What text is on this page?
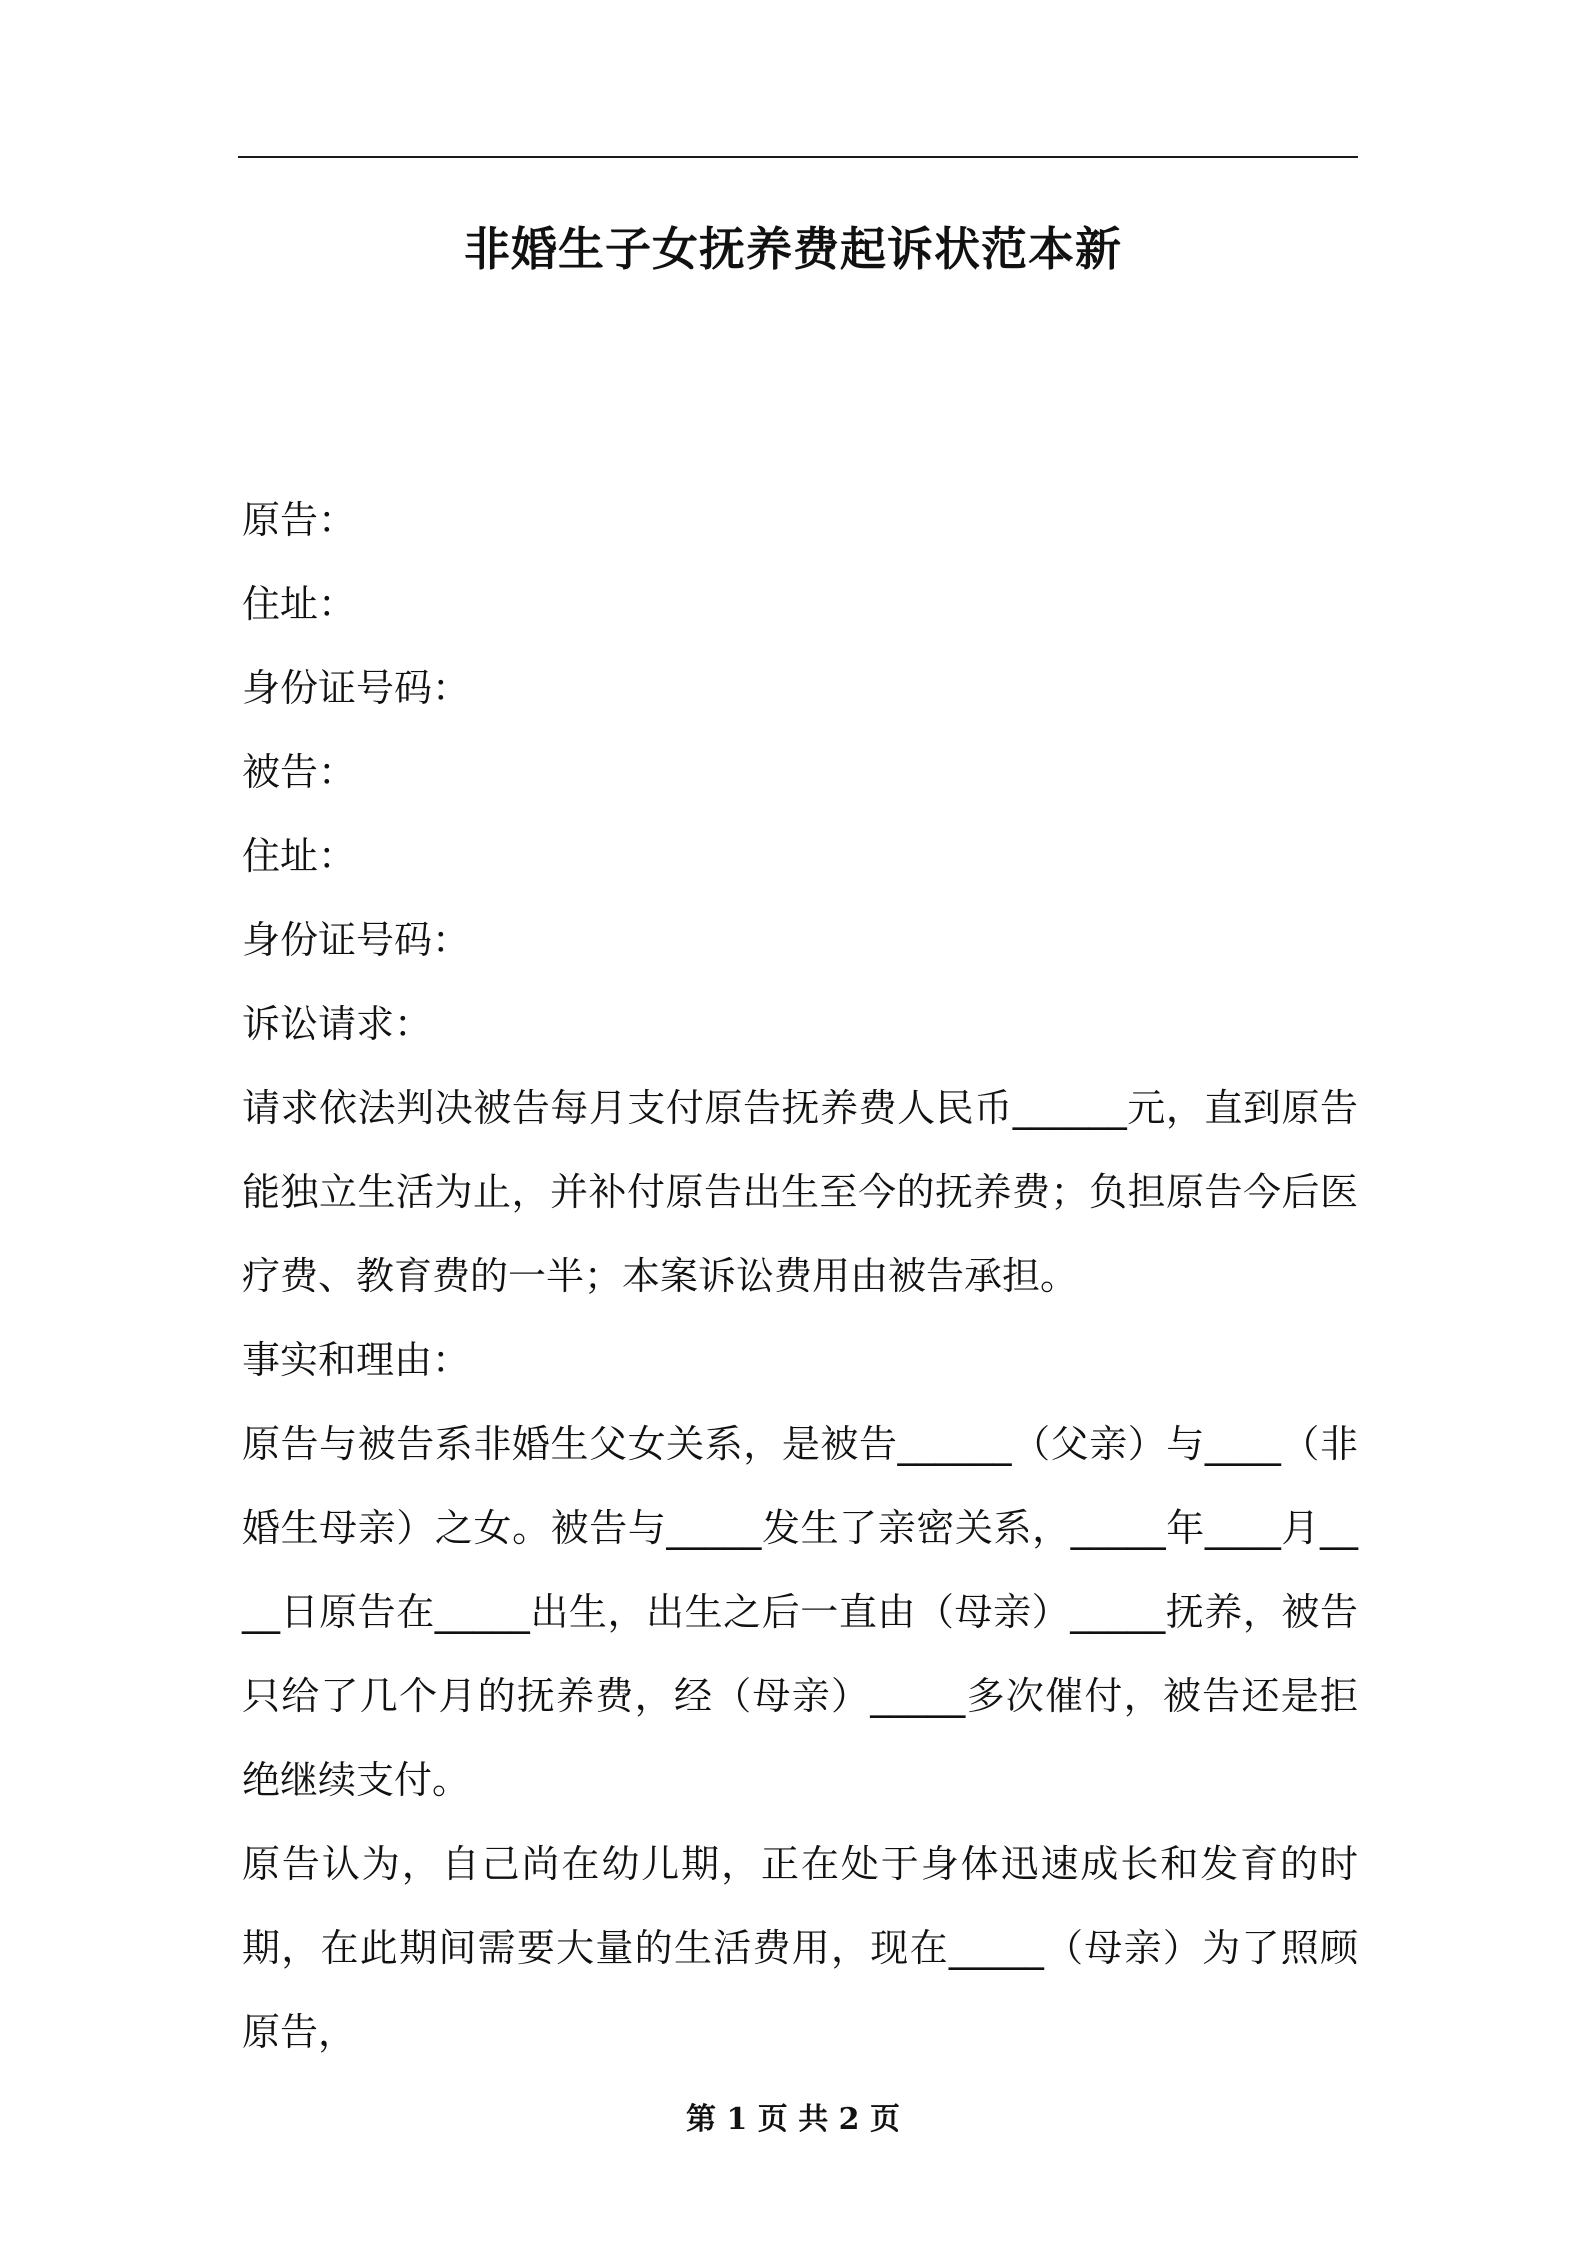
非婚生子女抚养费起诉状范本新

原告：

住址：

身份证号码：

被告：

住址：

身份证号码：

诉讼请求：

请求依法判决被告每月支付原告抚养费人民币______元，直到原告能独立生活为止，并补付原告出生至今的抚养费；负担原告今后医疗费、教育费的一半；本案诉讼费用由被告承担。

事实和理由：

原告与被告系非婚生父女关系，是被告______（父亲）与____（非婚生母亲）之女。被告与_____发生了亲密关系，_____年____月____日原告在_____出生，出生之后一直由（母亲）_____抚养，被告只给了几个月的抚养费，经（母亲）_____多次催付，被告还是拒绝继续支付。

原告认为，自己尚在幼儿期，正在处于身体迅速成长和发育的时期，在此期间需要大量的生活费用，现在_____（母亲）为了照顾原告，

第 1 页 共 2 页
